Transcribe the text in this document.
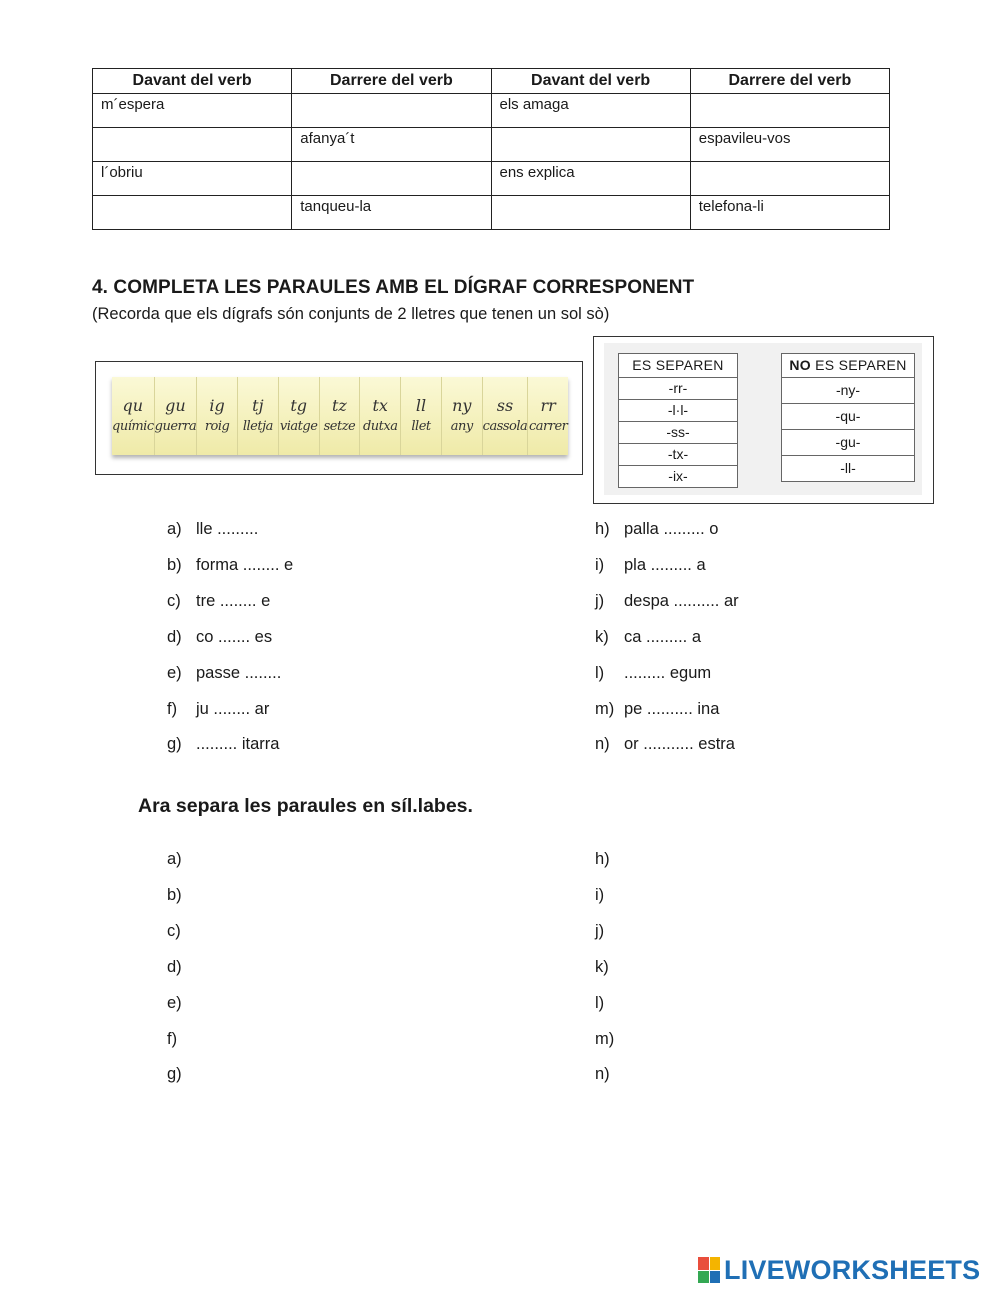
Davant del verb	Darrere del verb	Davant del verb	Darrere del verb
m´espera		els amaga	
	afanya´t		espavileu-vos
l´obriu		ens explica	
	tanqueu-la		telefona-li
4. COMPLETA LES PARAULES AMB EL DÍGRAF CORRESPONENT
(Recorda que els dígrafs són conjunts de 2 lletres que tenen un sol sò)
qu
químic
gu
guerra
ig
roig
tj
lletja
tg
viatge
tz
setze
tx
dutxa
ll
llet
ny
any
ss
cassola
rr
carrer
ES SEPAREN
-rr-
-l·l-
-ss-
-tx-
-ix-
NO ES SEPAREN
-ny-
-qu-
-gu-
-ll-
a) lle .........
b) forma ........ e
c) tre ........ e
d) co ....... es
e) passe ........
f) ju ........ ar
g) ......... itarra
h) palla ......... o
i) pla ......... a
j) despa .......... ar
k) ca ......... a
l) ......... egum
m) pe .......... ina
n) or ........... estra
Ara separa les paraules en síl.labes.
a)
b)
c)
d)
e)
f)
g)
h)
i)
j)
k)
l)
m)
n)
LIVEWORKSHEETS
